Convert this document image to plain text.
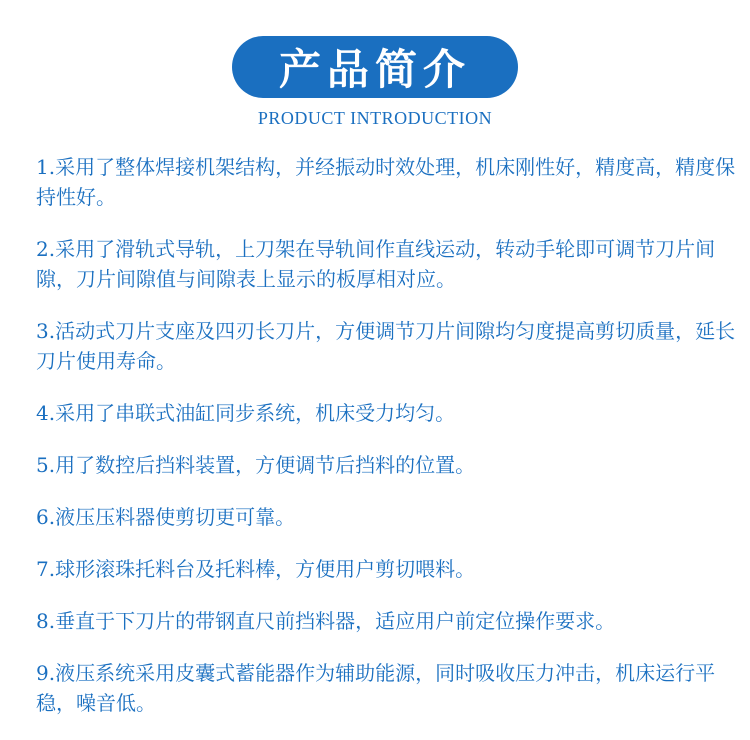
产品简介
PRODUCT INTRODUCTION
1.采用了整体焊接机架结构，并经振动时效处理，机床刚性好，精度高，精度保持性好。
2.采用了滑轨式导轨，上刀架在导轨间作直线运动，转动手轮即可调节刀片间隙，刀片间隙值与间隙表上显示的板厚相对应。
3.活动式刀片支座及四刃长刀片，方便调节刀片间隙均匀度提高剪切质量，延长刀片使用寿命。
4.采用了串联式油缸同步系统，机床受力均匀。
5.用了数控后挡料装置，方便调节后挡料的位置。
6.液压压料器使剪切更可靠。
7.球形滚珠托料台及托料棒，方便用户剪切喂料。
8.垂直于下刀片的带钢直尺前挡料器，适应用户前定位操作要求。
9.液压系统采用皮囊式蓄能器作为辅助能源，同时吸收压力冲击，机床运行平稳，噪音低。
